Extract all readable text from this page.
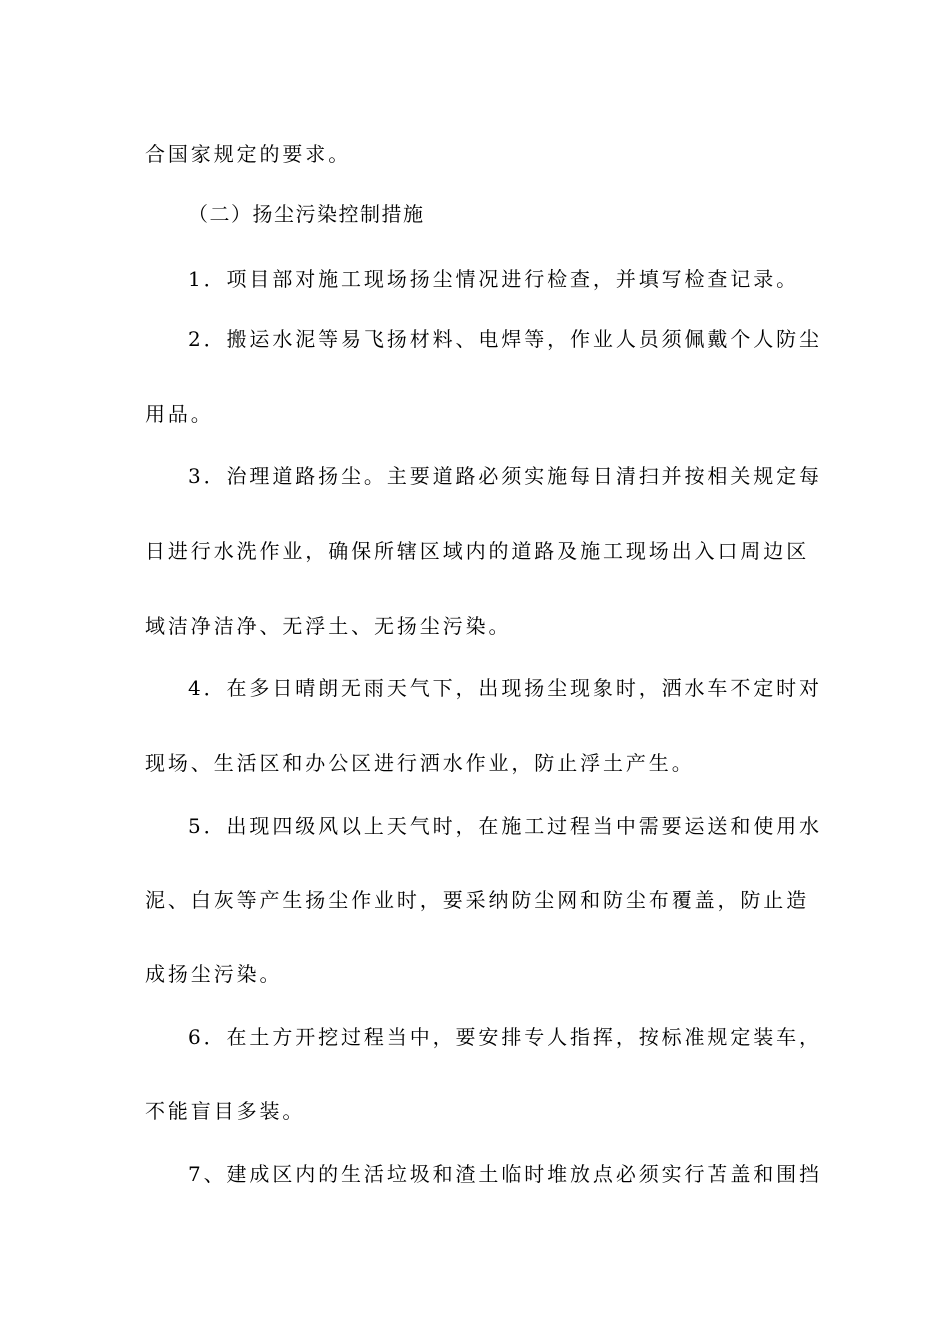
合国家规定的要求。
（二）扬尘污染控制措施
1．项目部对施工现场扬尘情况进行检查，并填写检查记录。
2．搬运水泥等易飞扬材料、电焊等，作业人员须佩戴个人防尘
用品。
3．治理道路扬尘。主要道路必须实施每日清扫并按相关规定每
日进行水洗作业，确保所辖区域内的道路及施工现场出入口周边区
域洁净洁净、无浮土、无扬尘污染。
4．在多日晴朗无雨天气下，出现扬尘现象时，洒水车不定时对
现场、生活区和办公区进行洒水作业，防止浮土产生。
5．出现四级风以上天气时，在施工过程当中需要运送和使用水
泥、白灰等产生扬尘作业时，要采纳防尘网和防尘布覆盖，防止造
成扬尘污染。
6．在土方开挖过程当中，要安排专人指挥，按标准规定装车，
不能盲目多装。
7、建成区内的生活垃圾和渣土临时堆放点必须实行苫盖和围挡
